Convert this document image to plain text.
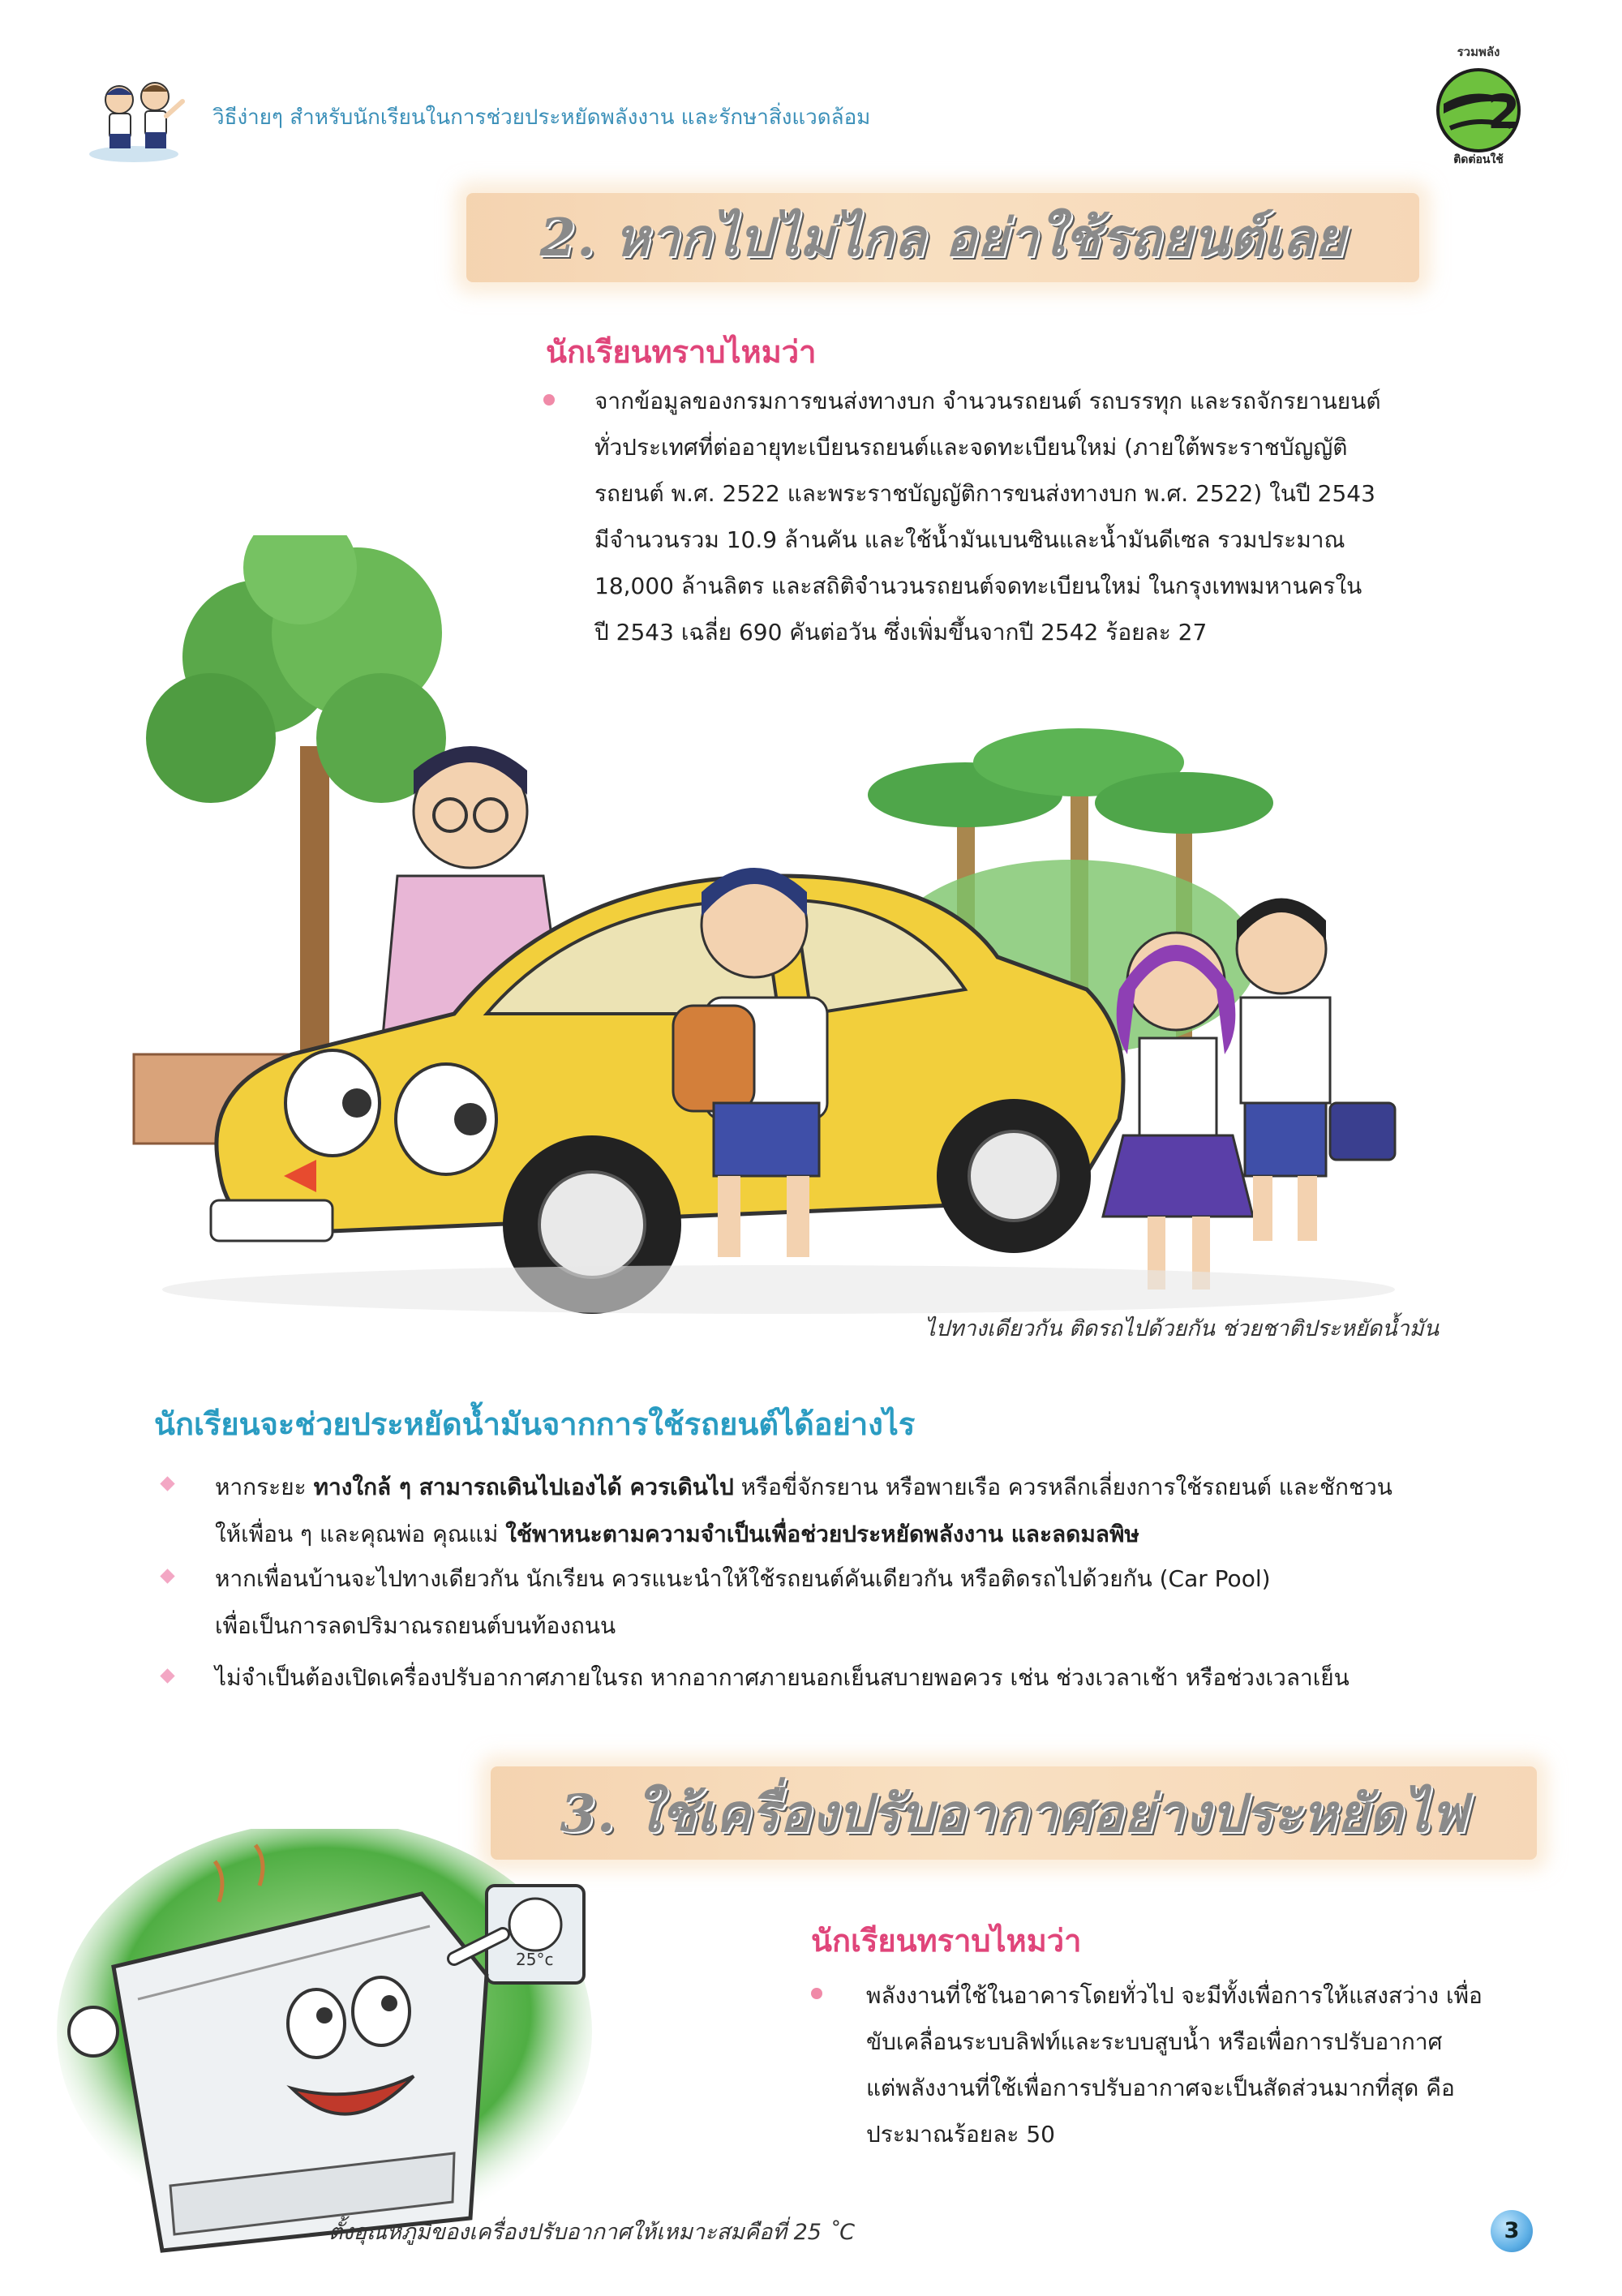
วิธีง่ายๆ สำหรับนักเรียนในการช่วยประหยัดพลังงาน และรักษาสิ่งแวดล้อม	2
รวมพลัง
ติดต่อนใช้
2. หากไปไม่ไกล อย่าใช้รถยนต์เลย
นักเรียนทราบไหมว่า
จากข้อมูลของกรมการขนส่งทางบก จำนวนรถยนต์ รถบรรทุก และรถจักรยานยนต์
ทั่วประเทศที่ต่ออายุทะเบียนรถยนต์และจดทะเบียนใหม่ (ภายใต้พระราชบัญญัติ
รถยนต์ พ.ศ. 2522 และพระราชบัญญัติการขนส่งทางบก พ.ศ. 2522) ในปี 2543
มีจำนวนรวม 10.9 ล้านคัน และใช้น้ำมันเบนซินและน้ำมันดีเซล รวมประมาณ
18,000 ล้านลิตร และสถิติจำนวนรถยนต์จดทะเบียนใหม่ ในกรุงเทพมหานครใน
ปี 2543 เฉลี่ย 690 คันต่อวัน ซึ่งเพิ่มขึ้นจากปี 2542 ร้อยละ 27
ไปทางเดียวกัน ติดรถไปด้วยกัน ช่วยชาติประหยัดน้ำมัน
นักเรียนจะช่วยประหยัดน้ำมันจากการใช้รถยนต์ได้อย่างไร
หากระยะ ทางใกล้ ๆ สามารถเดินไปเองได้ ควรเดินไป หรือขี่จักรยาน หรือพายเรือ ควรหลีกเลี่ยงการใช้รถยนต์ และชักชวน
ให้เพื่อน ๆ และคุณพ่อ คุณแม่ ใช้พาหนะตามความจำเป็นเพื่อช่วยประหยัดพลังงาน และลดมลพิษ
หากเพื่อนบ้านจะไปทางเดียวกัน นักเรียน ควรแนะนำให้ใช้รถยนต์คันเดียวกัน หรือติดรถไปด้วยกัน (Car Pool)
เพื่อเป็นการลดปริมาณรถยนต์บนท้องถนน
ไม่จำเป็นต้องเปิดเครื่องปรับอากาศภายในรถ หากอากาศภายนอกเย็นสบายพอควร เช่น ช่วงเวลาเช้า หรือช่วงเวลาเย็น
3. ใช้เครื่องปรับอากาศอย่างประหยัดไฟ
25°c
นักเรียนทราบไหมว่า
พลังงานที่ใช้ในอาคารโดยทั่วไป จะมีทั้งเพื่อการให้แสงสว่าง เพื่อ
ขับเคลื่อนระบบลิฟท์และระบบสูบน้ำ หรือเพื่อการปรับอากาศ
แต่พลังงานที่ใช้เพื่อการปรับอากาศจะเป็นสัดส่วนมากที่สุด คือ
ประมาณร้อยละ 50
ตั้งอุณหภูมิของเครื่องปรับอากาศให้เหมาะสมคือที่ 25 ˚C	3
